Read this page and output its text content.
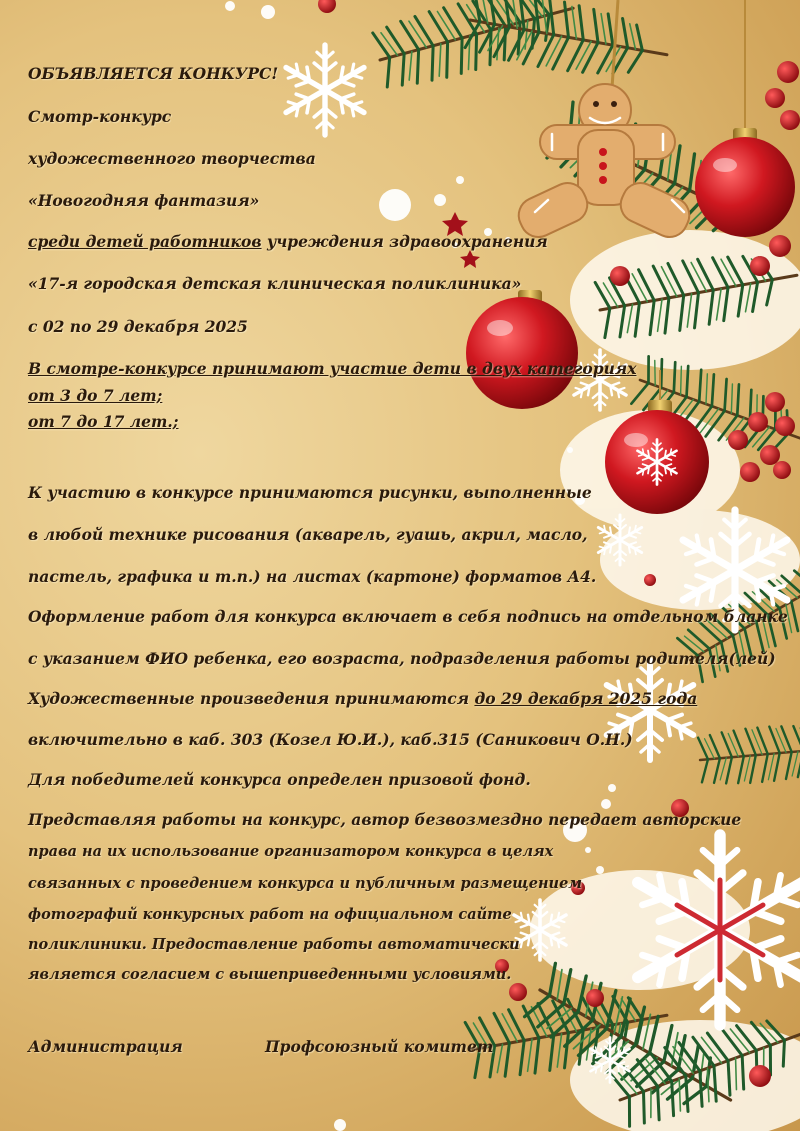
ОБЪЯВЛЯЕТСЯ КОНКУРС!

Смотр-конкурс

художественного творчества

«Новогодняя фантазия»

среди детей работников учреждения здравоохранения

«17-я городская детская клиническая поликлиника»

с 02 по 29 декабря 2025

В смотре-конкурсе принимают участие дети в двух категориях

от 3 до 7 лет;

от 7 до 17 лет.;

К участию в конкурсе принимаются рисунки, выполненные

в любой технике рисования (акварель, гуашь, акрил, масло,

пастель, графика и т.п.) на листах (картоне) форматов А4.

Оформление работ для конкурса включает в себя подпись на отдельном бланке

с указанием ФИО ребенка, его возраста, подразделения работы родителя(лей)

Художественные произведения принимаются до 29 декабря 2025 года

включительно в каб. 303 (Козел Ю.И.), каб.315 (Саникович О.Н.)

Для победителей конкурса определен призовой фонд.

Представляя работы на конкурс, автор безвозмездно передает авторские

права на их использование организатором конкурса в целях

связанных с проведением конкурса и публичным размещением

фотографий конкурсных работ на официальном сайте

поликлиники. Предоставление работы автоматически

является согласием с вышеприведенными условиями.

Администрация	Профсоюзный комитет
